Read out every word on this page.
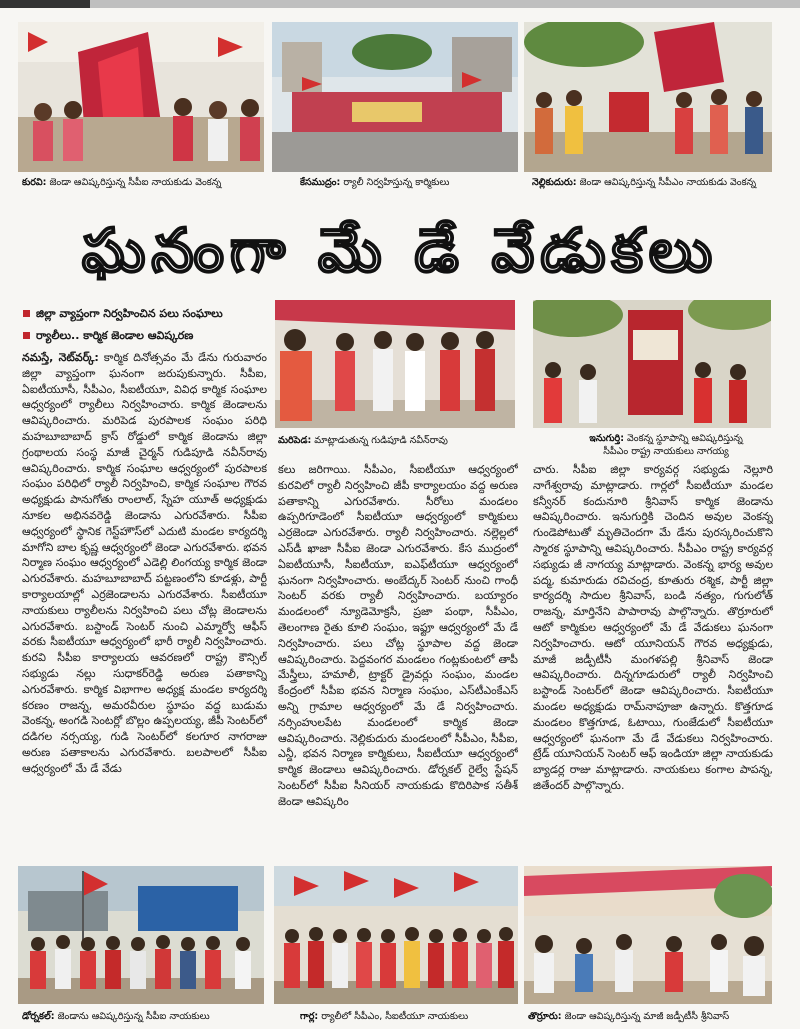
కురవి: జెండా ఆవిష్కరిస్తున్న సీపీఐ నాయకుడు వెంకన్న	కేసముద్రం: ర్యాలీ నిర్వహిస్తున్న కార్మికులు	నెల్లికుదురు: జెండా ఆవిష్కరిస్తున్న సీపీఎం నాయకుడు వెంకన్న
ఘనంగా మే డే వేడుకలు
జిల్లా వ్యాప్తంగా నిర్వహించిన పలు సంఘాలు
ర్యాలీలు.. కార్మిక జెండాల ఆవిష్కరణ
మరిపెడ: మాట్లాడుతున్న గుడిపూడి నవీన్‌రావు	ఇనుగుర్తి: వెంకన్న స్థూపాన్ని ఆవిష్కరిస్తున్న
సీపీఎం రాష్ట్ర నాయకులు నాగయ్య

నమస్తే, నెట్‌వర్క్: కార్మిక దినోత్సవం మే డేను గురువారం జిల్లా వ్యాప్తంగా ఘనంగా జరుపుకున్నారు. సీపీఐ, ఏఐటీయూసీ, సీపీఎం, సీఐటీయూ, వివిధ కార్మిక సంఘాల ఆధ్వర్యంలో ర్యాలీలు నిర్వహించారు. కార్మిక జెండాలను ఆవిష్కరించారు. మరిపెడ పురపాలక సంఘం పరిధి మహబూబాబాద్ క్రాస్ రోడ్డులో కార్మిక జెండాను జిల్లా గ్రంథాలయ సంస్థ మాజీ చైర్మన్ గుడిపూడి నవీన్‌రావు ఆవిష్కరించారు. కార్మిక సంఘాల ఆధ్వర్యంలో పురపాలక సంఘం పరిధిలో ర్యాలీ నిర్వహించి, కార్మిక సంఘాల గౌరవ అధ్యక్షుడు పానుగోతు రాంలాల్, స్నేహ యూత్ అధ్యక్షుడు నూకల అభినవరెడ్డి జెండాను ఎగురవేశారు. సీపీఐ ఆధ్వర్యంలో స్థానిక గెస్ట్‌హౌస్‌లో ఎదుటి మండల కార్యదర్శి మాగోని బాల కృష్ణ ఆధ్వర్యంలో జెండా ఎగురవేశారు. భవన నిర్మాణ సంఘం ఆధ్వర్యంలో ఎడెల్లి లింగయ్య కార్మిక జెండా ఎగురవేశారు. మహబూబాబాద్ పట్టణంలోని కూడళ్లు, పార్టీ కార్యాలయాల్లో ఎర్రజెండాలను ఎగురవేశారు. సీఐటీయూ నాయకులు ర్యాలీలను నిర్వహించి పలు చోట్ల జెండాలను ఎగురవేశారు. బస్టాండ్ సెంటర్ నుంచి ఎమ్మార్వో ఆఫీస్ వరకు సీఐటీయూ ఆధ్వర్యంలో భారీ ర్యాలీ నిర్వహించారు. కురవి సీపీఐ కార్యాలయ ఆవరణలో రాష్ట్ర కౌన్సిల్ సభ్యుడు నల్లు సుధాకర్‌రెడ్డి అరుణ పతాకాన్ని ఎగురవేశారు. కార్మిక విభాగాల అధ్యక్ష మండల కార్యదర్శి కరణం రాజన్న, అమరవీరుల స్థూపం వద్ద బుడుమ వెంకన్న, అంగడి సెంటర్లో బొల్లం ఉప్పలయ్య, జీపీ సెంటర్‌లో దడిగల నర్సయ్య, గుడి సెంటర్‌లో కలగూర నాగరాజు అరుణ పతాకాలను ఎగురవేశారు. బలపాలలో సీపీఐ ఆధ్వర్యంలో మే డే వేడు

కలు జరిగాయి. సీపీఎం, సీఐటీయూ ఆధ్వర్యంలో కురవిలో ర్యాలీ నిర్వహించి జీపీ కార్యాలయం వద్ద అరుణ పతాకాన్ని ఎగురవేశారు. సీరోలు మండలం ఉప్పరిగూడెంలో సీఐటీయూ ఆధ్వర్యంలో కార్మికులు ఎర్రజెండా ఎగురవేశారు. ర్యాలీ నిర్వహించారు. నల్లెల్లలో ఎస్‌డీ ఖాజా సీపీఐ జెండా ఎగురవేశారు. కేస ముద్రంలో ఏఐటీయూసీ, సీఐటీయూ, ఐఎఫ్‌టీయూ ఆధ్వర్యంలో ఘనంగా నిర్వహించారు. అంబేద్కర్ సెంటర్ నుంచి గాంధీ సెంటర్ వరకు ర్యాలీ నిర్వహించారు. బయ్యారం మండలంలో న్యూడెమోక్రసీ, ప్రజా పంథా, సీపీఎం, తెలంగాణ రైతు కూలి సంఘం, ఇఫ్టూ ఆధ్వర్యంలో మే డే నిర్వహించారు. పలు చోట్ల స్థూపాల వద్ద జెండా ఆవిష్కరించారు. పెద్దవంగర మండలం గంట్లకుంటలో తాపీ మేస్త్రీలు, హమాలీ, ట్రాక్టర్ డ్రైవర్లు సంఘం, మండల కేంద్రంలో సీపీఐ భవన నిర్మాణ సంఘం, ఎస్‌టీఎంకేఎస్ అన్ని గ్రామాల ఆధ్వర్యంలో మే డే నిర్వహించారు. నర్సింహులపేట మండలంలో కార్మిక జెండా ఆవిష్కరించారు. నెల్లికుదురు మండలంలో సీపీఎం, సీపీఐ, ఎన్డీ, భవన నిర్మాణ కార్మికులు, సీఐటీయూ ఆధ్వర్యంలో కార్మిక జెండాలు ఆవిష్కరించారు. డోర్నకల్ రైల్వే స్టేషన్ సెంటర్‌లో సీపీఐ సీనియర్ నాయకుడు కొదిరిపాక సతీశ్ జెండా ఆవిష్కరిం

చారు. సీపీఐ జిల్లా కార్యవర్గ సభ్యుడు నెల్లూరి నాగేశ్వరావు మాట్లాడారు. గార్లలో సీఐటీయూ మండల కన్వీనర్ కందునూరి శ్రీనివాస్ కార్మిక జెండాను ఆవిష్కరించారు. ఇనుగుర్తికి చెందిన అవుల వెంకన్న గుండెపోటుతో మృతిచెందగా మే డేను పురస్కరించుకొని స్మారక స్థూపాన్ని ఆవిష్కరించారు. సీపీఎం రాష్ట్ర కార్యవర్గ సభ్యుడు జీ నాగయ్య మాట్లాడారు. వెంకన్న భార్య అవుల పద్మ, కుమారుడు రవిచంద్ర, కూతురు రశ్మిక, పార్టీ జిల్లా కార్యదర్శి సాదుల శ్రీనివాస్, బండి నత్యం, గుగులోత్ రాజన్న, మార్తినేని పాపారావు పాల్గొన్నారు. తొర్రూరులో ఆటో కార్మికుల ఆధ్వర్యంలో మే డే వేడుకలు ఘనంగా నిర్వహించారు. ఆటో యూనియన్ గౌరవ అధ్యక్షుడు, మాజీ జడ్పీటీసీ మంగళపల్లి శ్రీనివాస్ జెండా ఆవిష్కరించారు. దిన్నగూడురులో ర్యాలీ నిర్వహించి బస్టాండ్ సెంటర్‌లో జెండా ఆవిష్కరించారు. సీఐటీయూ మండల అధ్యక్షుడు రామ్‌నాపూజా ఉన్నారు. కొత్తగూడ మండలం కొత్తగూడ, ఓటాయి, గుంజేడులో సీఐటీయూ ఆధ్వర్యంలో ఘనంగా మే డే వేడుకలు నిర్వహించారు. ట్రేడ్ యూనియన్ సెంటర్ ఆఫ్ ఇండియా జిల్లా నాయకుడు బ్యాడర్ల రాజు మాట్లాడారు. నాయకులు కంగాల పాపన్న, జితేందర్ పాల్గొన్నారు.

డోర్నకల్: జెండాను ఆవిష్కరిస్తున్న సీపీఐ నాయకులు	గార్ల: ర్యాలీలో సీపీఎం, సీఐటీయూ నాయకులు	తొర్రూరు: జెండా ఆవిష్కరిస్తున్న మాజీ జడ్పీటీసీ శ్రీనివాస్
